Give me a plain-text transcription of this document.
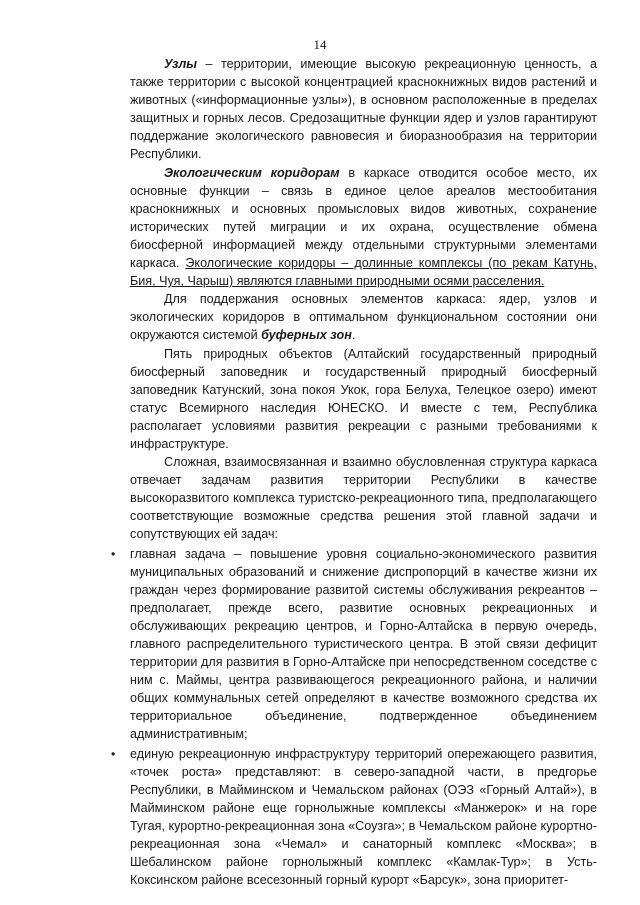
14

Узлы – территории, имеющие высокую рекреационную ценность, а также территории с высокой концентрацией краснокнижных видов растений и животных («информационные узлы»), в основном расположенные в пределах защитных и горных лесов. Средозащитные функции ядер и узлов гарантируют поддержание экологического равновесия и биоразнообразия на территории Республики.

Экологическим коридорам в каркасе отводится особое место, их основные функции – связь в единое целое ареалов местообитания краснокнижных и основных промысловых видов животных, сохранение исторических путей миграции и их охрана, осуществление обмена биосферной информацией между отдельными структурными элементами каркаса. Экологические коридоры – долинные комплексы (по рекам Катунь, Бия, Чуя, Чарыш) являются главными природными осями расселения.

Для поддержания основных элементов каркаса: ядер, узлов и экологических коридоров в оптимальном функциональном состоянии они окружаются системой буферных зон.

Пять природных объектов (Алтайский государственный природный биосферный заповедник и государственный природный биосферный заповедник Катунский, зона покоя Укок, гора Белуха, Телецкое озеро) имеют статус Всемирного наследия ЮНЕСКО. И вместе с тем, Республика располагает условиями развития рекреации с разными требованиями к инфраструктуре.

Сложная, взаимосвязанная и взаимно обусловленная структура каркаса отвечает задачам развития территории Республики в качестве высокоразвитого комплекса туристско-рекреационного типа, предполагающего соответствующие возможные средства решения этой главной задачи и сопутствующих ей задач:

• главная задача – повышение уровня социально-экономического развития муниципальных образований и снижение диспропорций в качестве жизни их граждан через формирование развитой системы обслуживания рекреантов – предполагает, прежде всего, развитие основных рекреационных и обслуживающих рекреацию центров, и Горно-Алтайска в первую очередь, главного распределительного туристического центра. В этой связи дефицит территории для развития в Горно-Алтайске при непосредственном соседстве с ним с. Маймы, центра развивающегося рекреационного района, и наличии общих коммунальных сетей определяют в качестве возможного средства их территориальное объединение, подтвержденное объединением административным;
• единую рекреационную инфраструктуру территорий опережающего развития, «точек роста» представляют: в северо-западной части, в предгорье Республики, в Майминском и Чемальском районах (ОЭЗ «Горный Алтай»), в Майминском районе еще горнолыжные комплексы «Манжерок» и на горе Тугая, курортно-рекреационная зона «Соузга»; в Чемальском районе курортно-рекреационная зона «Чемал» и санаторный комплекс «Москва»; в Шебалинском районе горнолыжный комплекс «Камлак-Тур»; в Усть-Коксинском районе всесезонный горный курорт «Барсук», зона приоритет-
